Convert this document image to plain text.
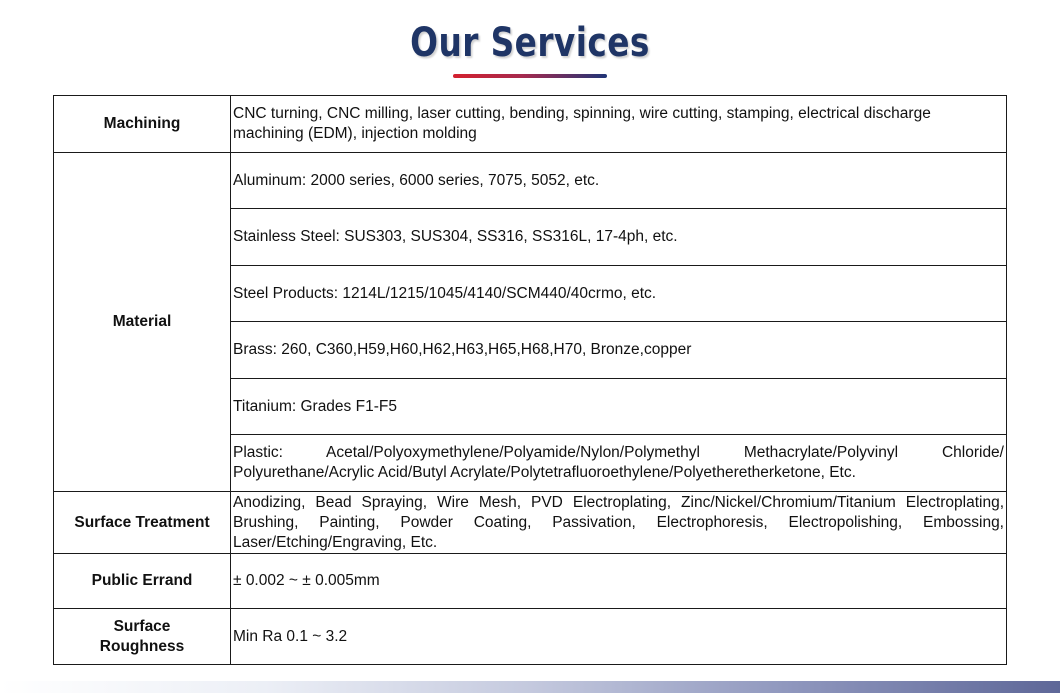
Our Services
Machining	CNC turning, CNC milling, laser cutting, bending, spinning, wire cutting, stamping, electrical discharge machining (EDM), injection molding
Material	Aluminum: 2000 series, 6000 series, 7075, 5052, etc.
	Stainless Steel: SUS303, SUS304, SS316, SS316L, 17-4ph, etc.
	Steel Products: 1214L/1215/1045/4140/SCM440/40crmo, etc.
	Brass: 260, C360,H59,H60,H62,H63,H65,H68,H70, Bronze,copper
	Titanium: Grades F1-F5
	Plastic: Acetal/Polyoxymethylene/Polyamide/Nylon/Polymethyl Methacrylate/Polyvinyl Chloride/ Polyurethane/Acrylic Acid/Butyl Acrylate/Polytetrafluoroethylene/Polyetheretherketone, Etc.
Surface Treatment	Anodizing, Bead Spraying, Wire Mesh, PVD Electroplating, Zinc/Nickel/Chromium/Titanium Electroplating, Brushing, Painting, Powder Coating, Passivation, Electrophoresis, Electropolishing, Embossing, Laser/Etching/Engraving, Etc.
Public Errand	± 0.002 ~ ± 0.005mm
Surface Roughness	Min Ra 0.1 ~ 3.2
